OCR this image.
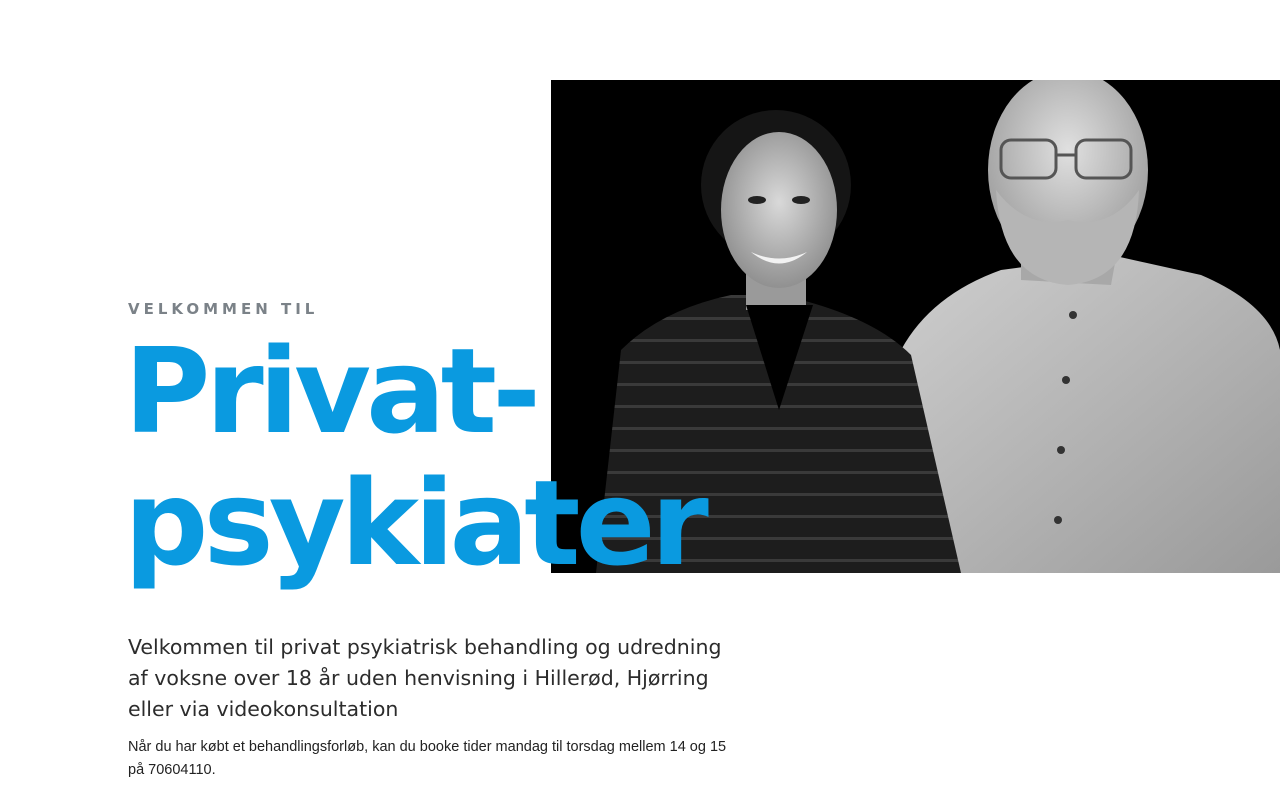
VELKOMMEN TIL
Privat-
psykiater

Velkommen til privat psykiatrisk behandling og udredning af voksne over 18 år uden henvisning i Hillerød, Hjørring eller via videokonsultation

Når du har købt et behandlingsforløb, kan du booke tider mandag til torsdag mellem 14 og 15 på 70604110.
